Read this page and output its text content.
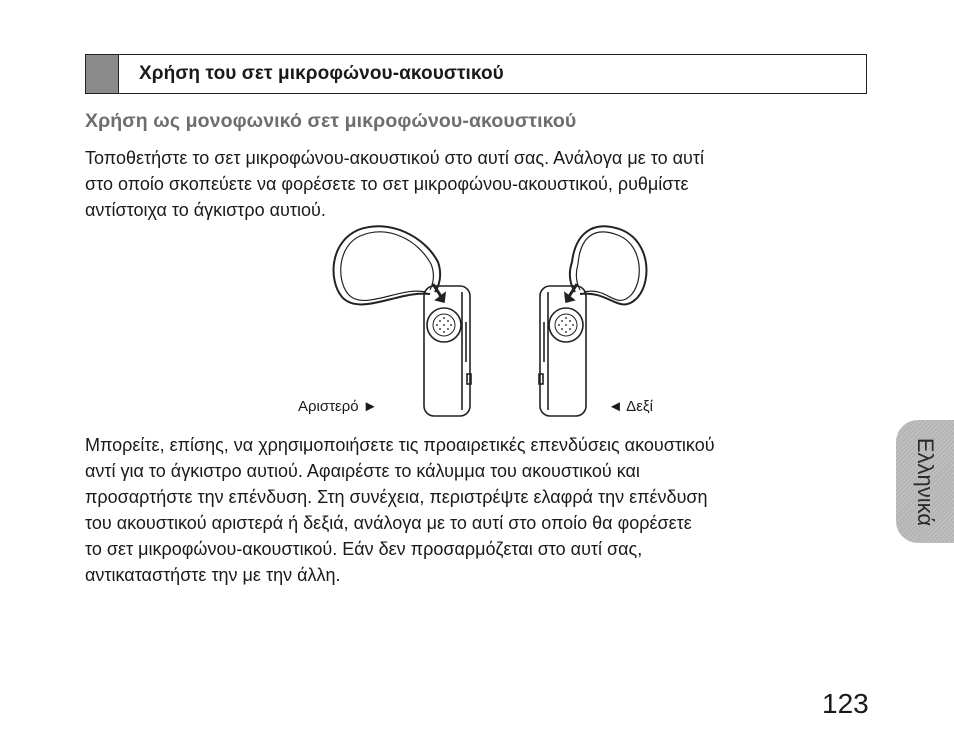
Χρήση του σετ μικροφώνου-ακουστικού
Χρήση ως μονοφωνικό σετ μικροφώνου-ακουστικού

Τοποθετήστε το σετ μικροφώνου-ακουστικού στο αυτί σας. Ανάλογα με το αυτί
στο οποίο σκοπεύετε να φορέσετε το σετ μικροφώνου-ακουστικού, ρυθμίστε
αντίστοιχα το άγκιστρο αυτιού.

Αριστερό ►	◄ Δεξί

Μπορείτε, επίσης, να χρησιμοποιήσετε τις προαιρετικές επενδύσεις ακουστικού
αντί για το άγκιστρο αυτιού. Αφαιρέστε το κάλυμμα του ακουστικού και
προσαρτήστε την επένδυση. Στη συνέχεια, περιστρέψτε ελαφρά την επένδυση
του ακουστικού αριστερά ή δεξιά, ανάλογα με το αυτί στο οποίο θα φορέσετε
το σετ μικροφώνου-ακουστικού. Εάν δεν προσαρμόζεται στο αυτί σας,
αντικαταστήστε την με την άλλη.

Ελληνικά
123
